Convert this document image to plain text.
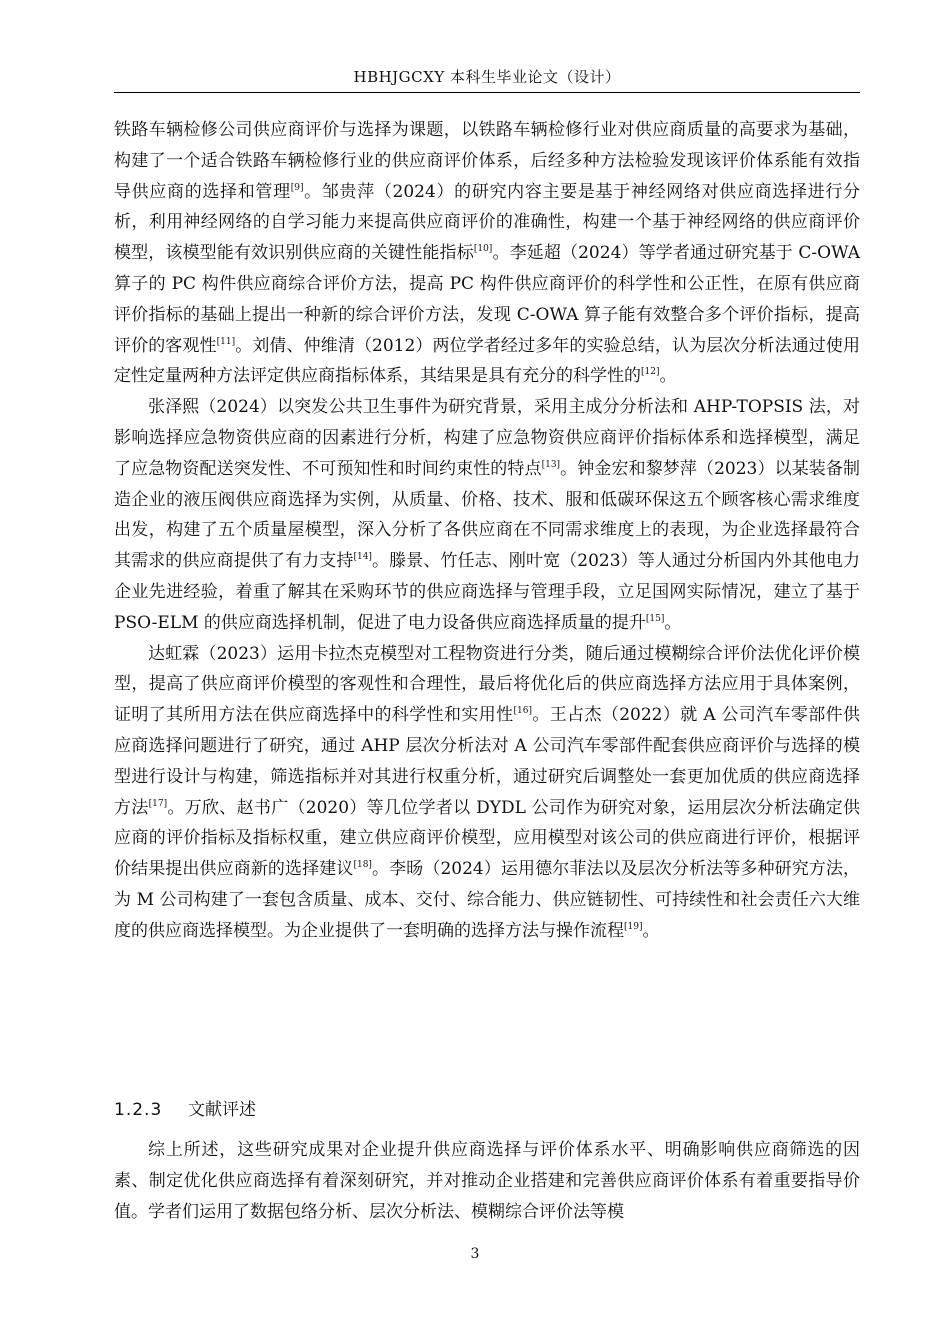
HBHJGCXY 本科生毕业论文（设计）

铁路车辆检修公司供应商评价与选择为课题，以铁路车辆检修行业对供应商质量的高要求为基础，构建了一个适合铁路车辆检修行业的供应商评价体系，后经多种方法检验发现该评价体系能有效指导供应商的选择和管理[9]。邹贵萍（2024）的研究内容主要是基于神经网络对供应商选择进行分析，利用神经网络的自学习能力来提高供应商评价的准确性，构建一个基于神经网络的供应商评价模型，该模型能有效识别供应商的关键性能指标[10]。李延超（2024）等学者通过研究基于 C-OWA 算子的 PC 构件供应商综合评价方法，提高 PC 构件供应商评价的科学性和公正性，在原有供应商评价指标的基础上提出一种新的综合评价方法，发现 C-OWA 算子能有效整合多个评价指标，提高评价的客观性[11]。刘倩、仲维清（2012）两位学者经过多年的实验总结，认为层次分析法通过使用定性定量两种方法评定供应商指标体系，其结果是具有充分的科学性的[12]。

张泽熙（2024）以突发公共卫生事件为研究背景，采用主成分分析法和 AHP-TOPSIS 法，对影响选择应急物资供应商的因素进行分析，构建了应急物资供应商评价指标体系和选择模型，满足了应急物资配送突发性、不可预知性和时间约束性的特点[13]。钟金宏和黎梦萍（2023）以某装备制造企业的液压阀供应商选择为实例，从质量、价格、技术、服和低碳环保这五个顾客核心需求维度出发，构建了五个质量屋模型，深入分析了各供应商在不同需求维度上的表现，为企业选择最符合其需求的供应商提供了有力支持[14]。滕景、竹任志、刚叶宽（2023）等人通过分析国内外其他电力企业先进经验，着重了解其在采购环节的供应商选择与管理手段，立足国网实际情况，建立了基于 PSO-ELM 的供应商选择机制，促进了电力设备供应商选择质量的提升[15]。

达虹霖（2023）运用卡拉杰克模型对工程物资进行分类，随后通过模糊综合评价法优化评价模型，提高了供应商评价模型的客观性和合理性，最后将优化后的供应商选择方法应用于具体案例，证明了其所用方法在供应商选择中的科学性和实用性[16]。王占杰（2022）就 A 公司汽车零部件供应商选择问题进行了研究，通过 AHP 层次分析法对 A 公司汽车零部件配套供应商评价与选择的模型进行设计与构建，筛选指标并对其进行权重分析，通过研究后调整处一套更加优质的供应商选择方法[17]。万欣、赵书广（2020）等几位学者以 DYDL 公司作为研究对象，运用层次分析法确定供应商的评价指标及指标权重，建立供应商评价模型，应用模型对该公司的供应商进行评价，根据评价结果提出供应商新的选择建议[18]。李旸（2024）运用德尔菲法以及层次分析法等多种研究方法，为 M 公司构建了一套包含质量、成本、交付、综合能力、供应链韧性、可持续性和社会责任六大维度的供应商选择模型。为企业提供了一套明确的选择方法与操作流程[19]。

1.2.3 文献评述

综上所述，这些研究成果对企业提升供应商选择与评价体系水平、明确影响供应商筛选的因素、制定优化供应商选择有着深刻研究，并对推动企业搭建和完善供应商评价体系有着重要指导价值。学者们运用了数据包络分析、层次分析法、模糊综合评价法等模

3
